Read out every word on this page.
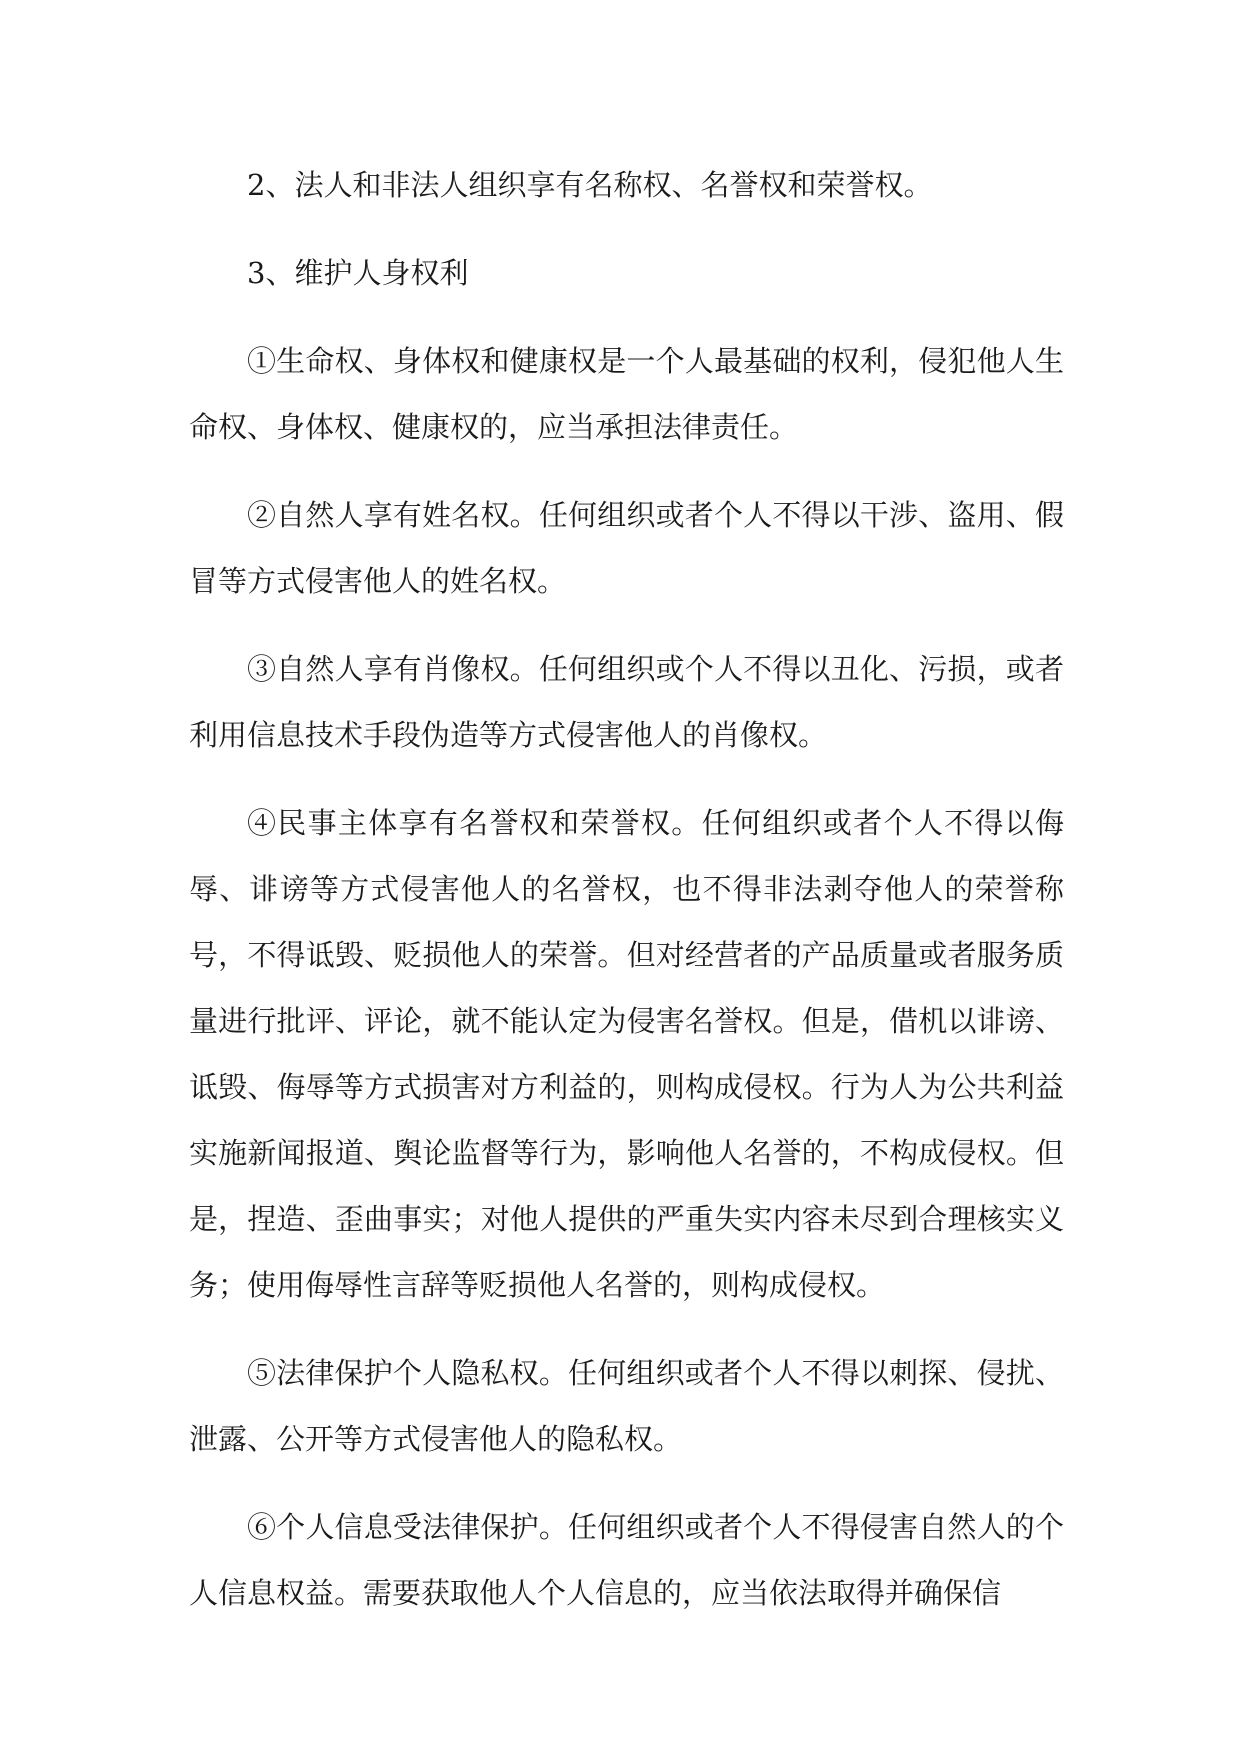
2、法人和非法人组织享有名称权、名誉权和荣誉权。

3、维护人身权利

①生命权、身体权和健康权是一个人最基础的权利，侵犯他人生命权、身体权、健康权的，应当承担法律责任。

②自然人享有姓名权。任何组织或者个人不得以干涉、盗用、假冒等方式侵害他人的姓名权。

③自然人享有肖像权。任何组织或个人不得以丑化、污损，或者利用信息技术手段伪造等方式侵害他人的肖像权。

④民事主体享有名誉权和荣誉权。任何组织或者个人不得以侮辱、诽谤等方式侵害他人的名誉权，也不得非法剥夺他人的荣誉称号，不得诋毁、贬损他人的荣誉。但对经营者的产品质量或者服务质量进行批评、评论，就不能认定为侵害名誉权。但是，借机以诽谤、诋毁、侮辱等方式损害对方利益的，则构成侵权。行为人为公共利益实施新闻报道、舆论监督等行为，影响他人名誉的，不构成侵权。但是，捏造、歪曲事实；对他人提供的严重失实内容未尽到合理核实义务；使用侮辱性言辞等贬损他人名誉的，则构成侵权。

⑤法律保护个人隐私权。任何组织或者个人不得以刺探、侵扰、泄露、公开等方式侵害他人的隐私权。

⑥个人信息受法律保护。任何组织或者个人不得侵害自然人的个人信息权益。需要获取他人个人信息的，应当依法取得并确保信
